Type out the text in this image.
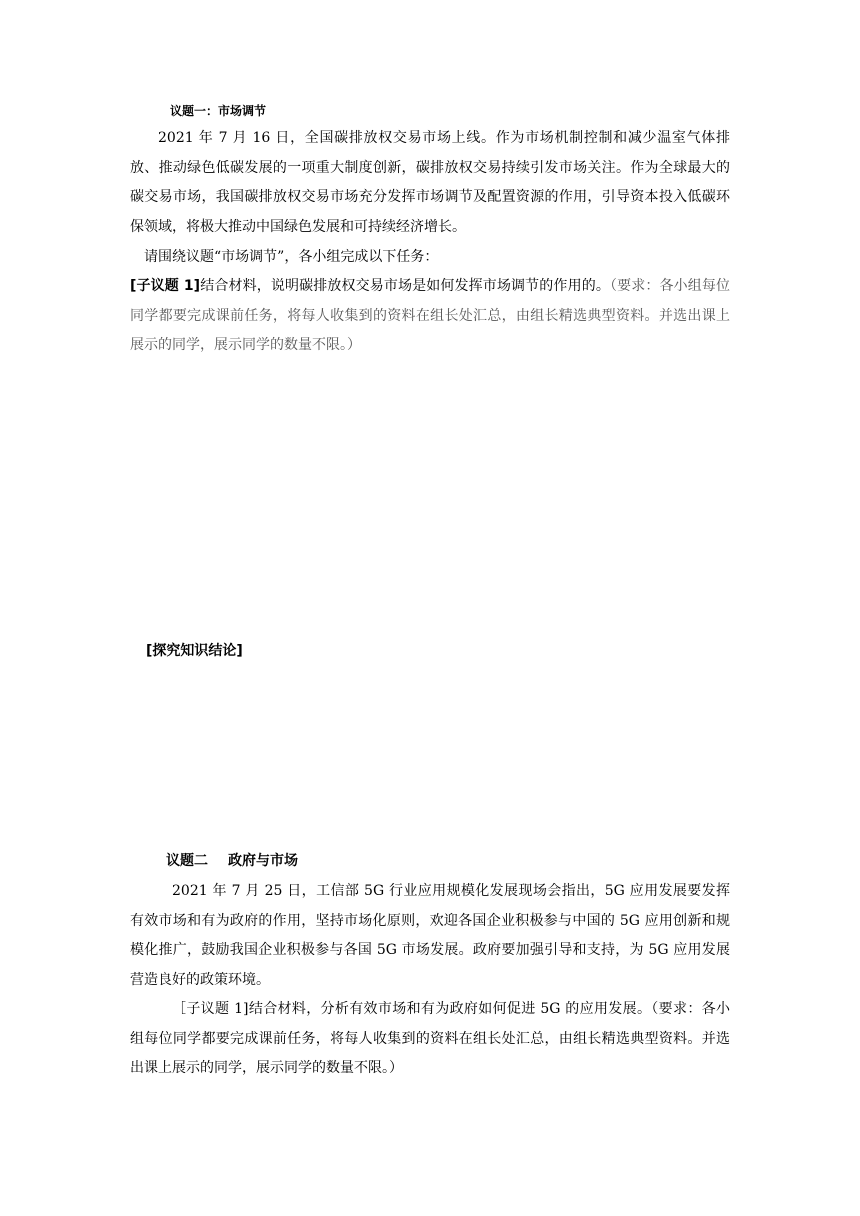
议题一：市场调节
2021 年 7 月 16 日，全国碳排放权交易市场上线。作为市场机制控制和减少温室气体排放、推动绿色低碳发展的一项重大制度创新，碳排放权交易持续引发市场关注。作为全球最大的碳交易市场，我国碳排放权交易市场充分发挥市场调节及配置资源的作用，引导资本投入低碳环保领域，将极大推动中国绿色发展和可持续经济增长。
请围绕议题“市场调节”，各小组完成以下任务：
[子议题 1]结合材料，说明碳排放权交易市场是如何发挥市场调节的作用的。（要求：各小组每位同学都要完成课前任务，将每人收集到的资料在组长处汇总，由组长精选典型资料。并选出课上展示的同学，展示同学的数量不限。）
[探究知识结论]
议题二 政府与市场
2021 年 7 月 25 日，工信部 5G 行业应用规模化发展现场会指出，5G 应用发展要发挥有效市场和有为政府的作用，坚持市场化原则，欢迎各国企业积极参与中国的 5G 应用创新和规模化推广，鼓励我国企业积极参与各国 5G 市场发展。政府要加强引导和支持，为 5G 应用发展营造良好的政策环境。
［子议题 1]结合材料，分析有效市场和有为政府如何促进 5G 的应用发展。（要求：各小组每位同学都要完成课前任务，将每人收集到的资料在组长处汇总，由组长精选典型资料。并选出课上展示的同学，展示同学的数量不限。）
